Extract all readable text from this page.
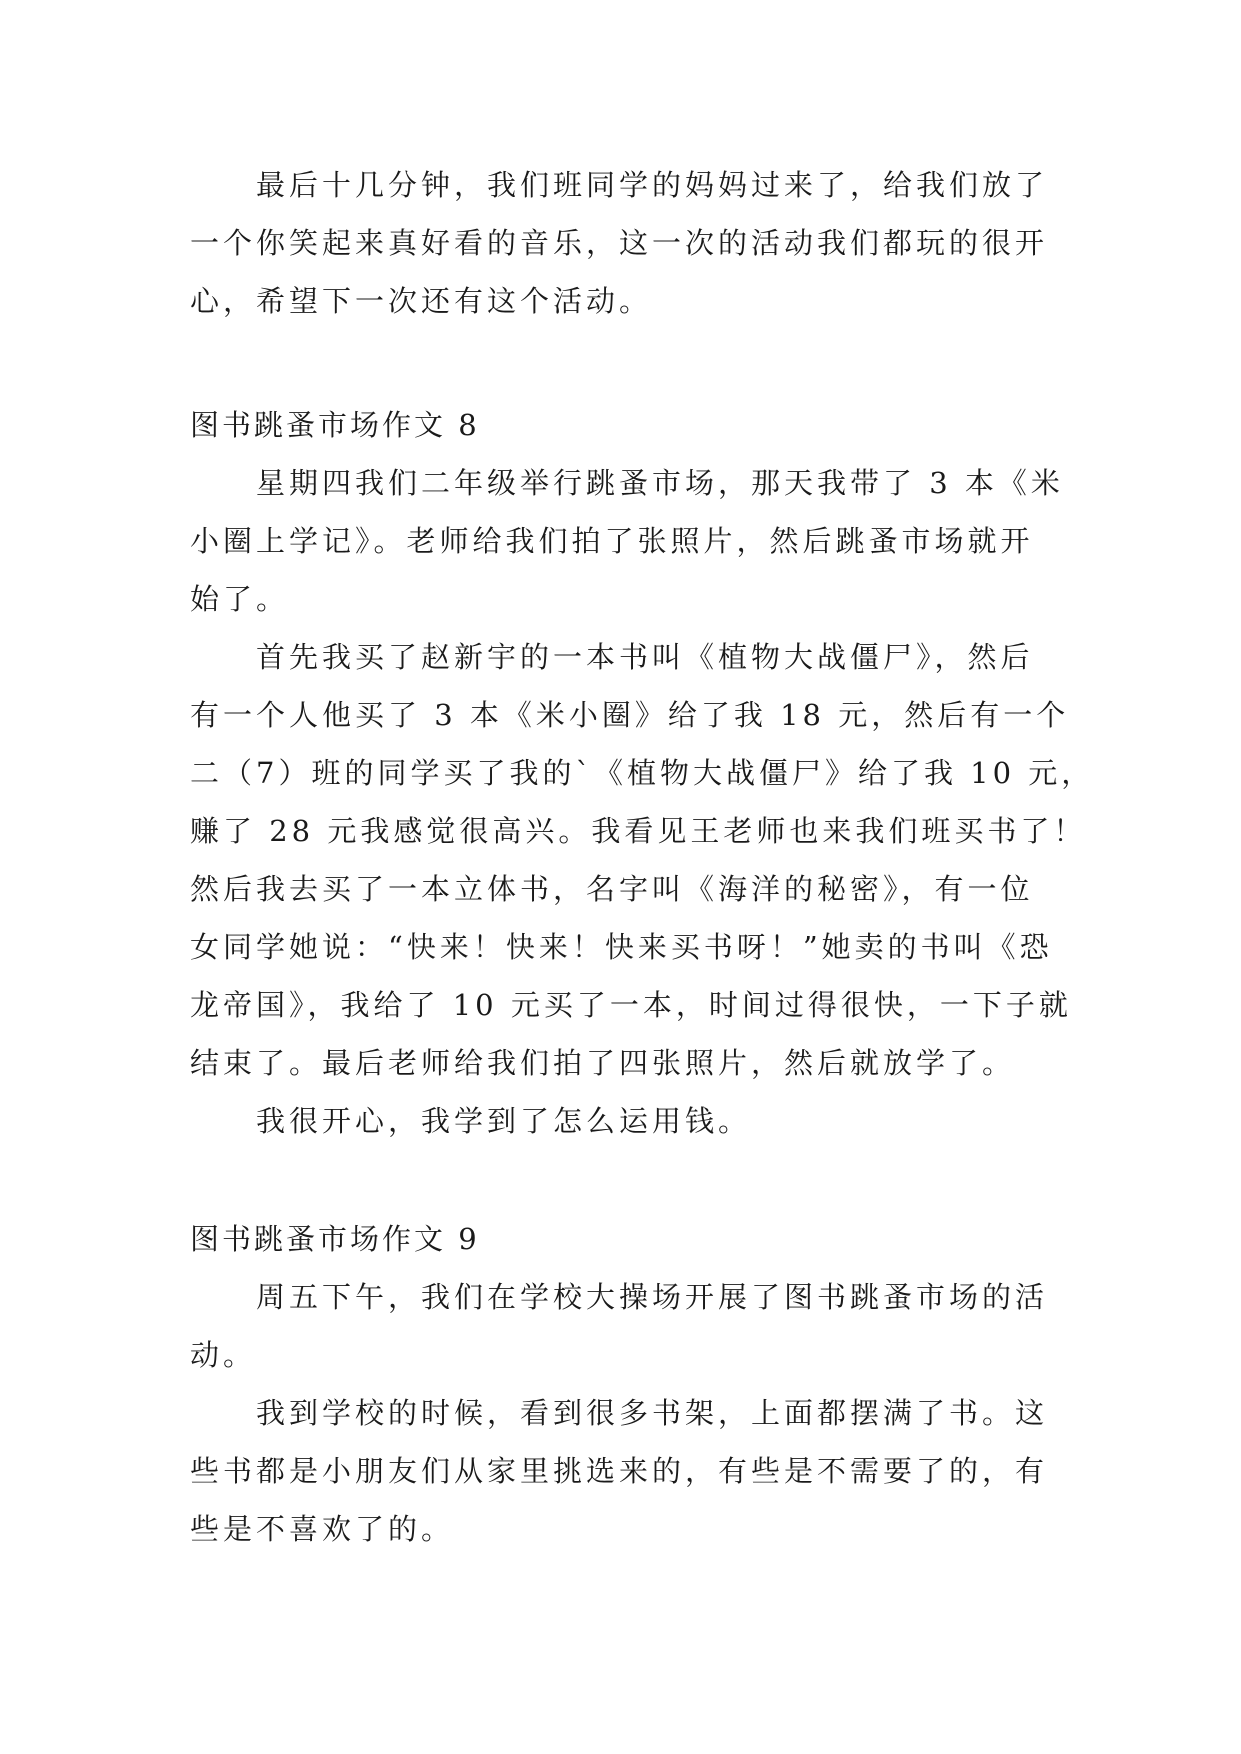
最后十几分钟，我们班同学的妈妈过来了，给我们放了
一个你笑起来真好看的音乐，这一次的活动我们都玩的很开
心，希望下一次还有这个活动。
图书跳蚤市场作文 8
星期四我们二年级举行跳蚤市场，那天我带了 3 本《米
小圈上学记》。老师给我们拍了张照片，然后跳蚤市场就开
始了。
首先我买了赵新宇的一本书叫《植物大战僵尸》，然后
有一个人他买了 3 本《米小圈》给了我 18 元，然后有一个
二（7）班的同学买了我的`《植物大战僵尸》给了我 10 元，
赚了 28 元我感觉很高兴。我看见王老师也来我们班买书了！
然后我去买了一本立体书，名字叫《海洋的秘密》，有一位
女同学她说：“快来！快来！快来买书呀！”她卖的书叫《恐
龙帝国》，我给了 10 元买了一本，时间过得很快，一下子就
结束了。最后老师给我们拍了四张照片，然后就放学了。
我很开心，我学到了怎么运用钱。
图书跳蚤市场作文 9
周五下午，我们在学校大操场开展了图书跳蚤市场的活
动。
我到学校的时候，看到很多书架，上面都摆满了书。这
些书都是小朋友们从家里挑选来的，有些是不需要了的，有
些是不喜欢了的。
